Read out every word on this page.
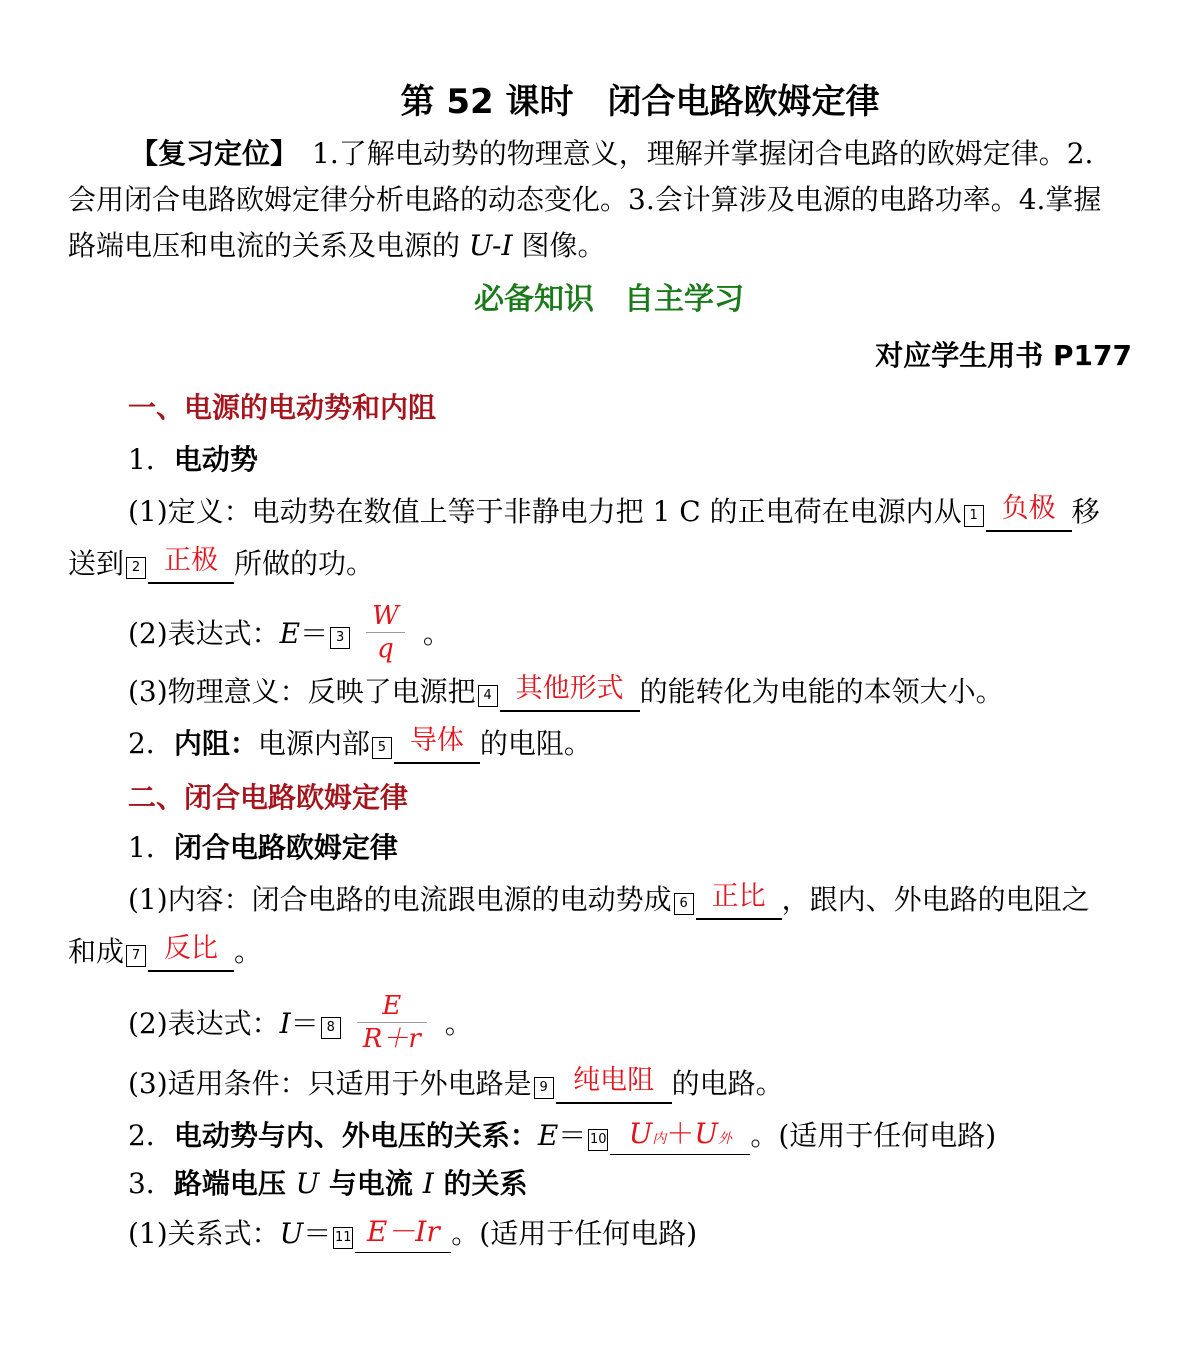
第 52 课时　闭合电路欧姆定律
【复习定位】　1.了解电动势的物理意义，理解并掌握闭合电路的欧姆定律。2.
会用闭合电路欧姆定律分析电路的动态变化。3.会计算涉及电源的电路功率。4.掌握
路端电压和电流的关系及电源的 U-I 图像。
必备知识　自主学习
对应学生用书 P177
一、电源的电动势和内阻
1．电动势
(1)定义：电动势在数值上等于非静电力把 1 C 的正电荷在电源内从 1 负极 移
送到 2 正极 所做的功。
(2)表达式：$E= 3 \frac{W}{q}$ 。
(3)物理意义：反映了电源把 4 其他形式 的能转化为电能的本领大小。
2．内阻：电源内部 5 导体 的电阻。
二、闭合电路欧姆定律
1．闭合电路欧姆定律
(1)内容：闭合电路的电流跟电源的电动势成 6 正比 ，跟内、外电路的电阻之
和成 7 反比 。
(2)表达式：$I= 8 \frac{E}{R+r}$ 。
(3)适用条件：只适用于外电路是 9 纯电阻 的电路。
2．电动势与内、外电压的关系：E＝ 10 U内＋U外 。(适用于任何电路)
3．路端电压 U 与电流 I 的关系
(1)关系式：U＝ 11 E－Ir 。(适用于任何电路)
